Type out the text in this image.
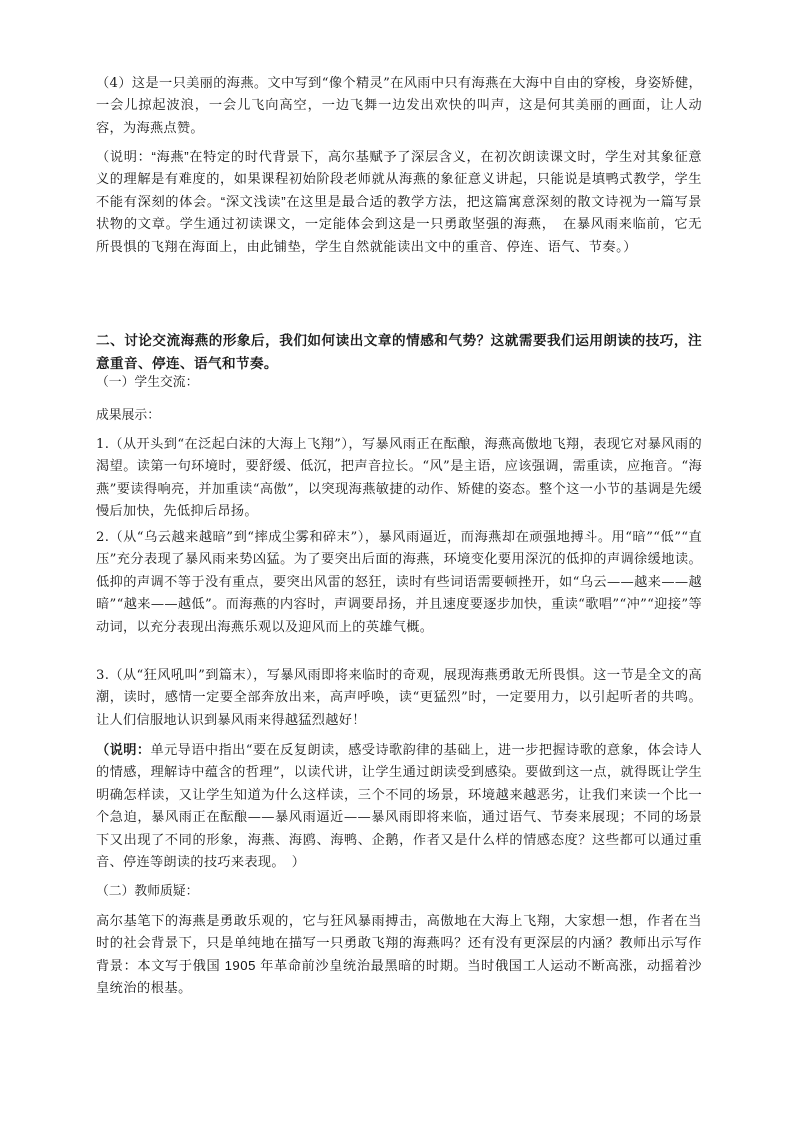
（4）这是一只美丽的海燕。文中写到“像个精灵”在风雨中只有海燕在大海中自由的穿梭，身姿矫健，一会儿掠起波浪，一会儿飞向高空，一边飞舞一边发出欢快的叫声，这是何其美丽的画面，让人动容，为海燕点赞。

（说明：“海燕”在特定的时代背景下，高尔基赋予了深层含义，在初次朗读课文时，学生对其象征意义的理解是有难度的，如果课程初始阶段老师就从海燕的象征意义讲起，只能说是填鸭式教学，学生不能有深刻的体会。“深文浅读”在这里是最合适的教学方法，把这篇寓意深刻的散文诗视为一篇写景状物的文章。学生通过初读课文，一定能体会到这是一只勇敢坚强的海燕，　在暴风雨来临前，它无所畏惧的飞翔在海面上，由此铺垫，学生自然就能读出文中的重音、停连、语气、节奏。）

二、讨论交流海燕的形象后，我们如何读出文章的情感和气势？这就需要我们运用朗读的技巧，注意重音、停连、语气和节奏。

（一）学生交流：

成果展示：

1.（从开头到“在泛起白沫的大海上飞翔”），写暴风雨正在酝酿，海燕高傲地飞翔，表现它对暴风雨的渴望。读第一句环境时，要舒缓、低沉，把声音拉长。“风”是主语，应该强调，需重读，应拖音。“海燕”要读得响亮，并加重读“高傲”，以突现海燕敏捷的动作、矫健的姿态。整个这一小节的基调是先缓慢后加快，先低抑后昂扬。

2.（从“乌云越来越暗”到“摔成尘雾和碎末”），暴风雨逼近，而海燕却在顽强地搏斗。用“暗”“低”“直压”充分表现了暴风雨来势凶猛。为了要突出后面的海燕，环境变化要用深沉的低抑的声调徐缓地读。低抑的声调不等于没有重点，要突出风雷的怒狂，读时有些词语需要顿挫开，如“乌云——越来——越暗”“越来——越低”。而海燕的内容时，声调要昂扬，并且速度要逐步加快，重读“歌唱”“冲”“迎接”等动词，以充分表现出海燕乐观以及迎风而上的英雄气概。

3.（从“狂风吼叫”到篇末），写暴风雨即将来临时的奇观，展现海燕勇敢无所畏惧。这一节是全文的高潮，读时，感情一定要全部奔放出来，高声呼唤，读“更猛烈”时，一定要用力，以引起听者的共鸣。让人们信服地认识到暴风雨来得越猛烈越好！

（说明：单元导语中指出“要在反复朗读，感受诗歌韵律的基础上，进一步把握诗歌的意象，体会诗人的情感，理解诗中蕴含的哲理”，以读代讲，让学生通过朗读受到感染。要做到这一点，就得既让学生明确怎样读，又让学生知道为什么这样读，三个不同的场景，环境越来越恶劣，让我们来读一个比一个急迫，暴风雨正在酝酿——暴风雨逼近——暴风雨即将来临，通过语气、节奏来展现；不同的场景下又出现了不同的形象，海燕、海鸥、海鸭、企鹅，作者又是什么样的情感态度？这些都可以通过重音、停连等朗读的技巧来表现。　）

（二）教师质疑：

高尔基笔下的海燕是勇敢乐观的，它与狂风暴雨搏击，高傲地在大海上飞翔，大家想一想，作者在当时的社会背景下，只是单纯地在描写一只勇敢飞翔的海燕吗？还有没有更深层的内涵？教师出示写作背景：本文写于俄国 1905 年革命前沙皇统治最黑暗的时期。当时俄国工人运动不断高涨，动摇着沙皇统治的根基。
